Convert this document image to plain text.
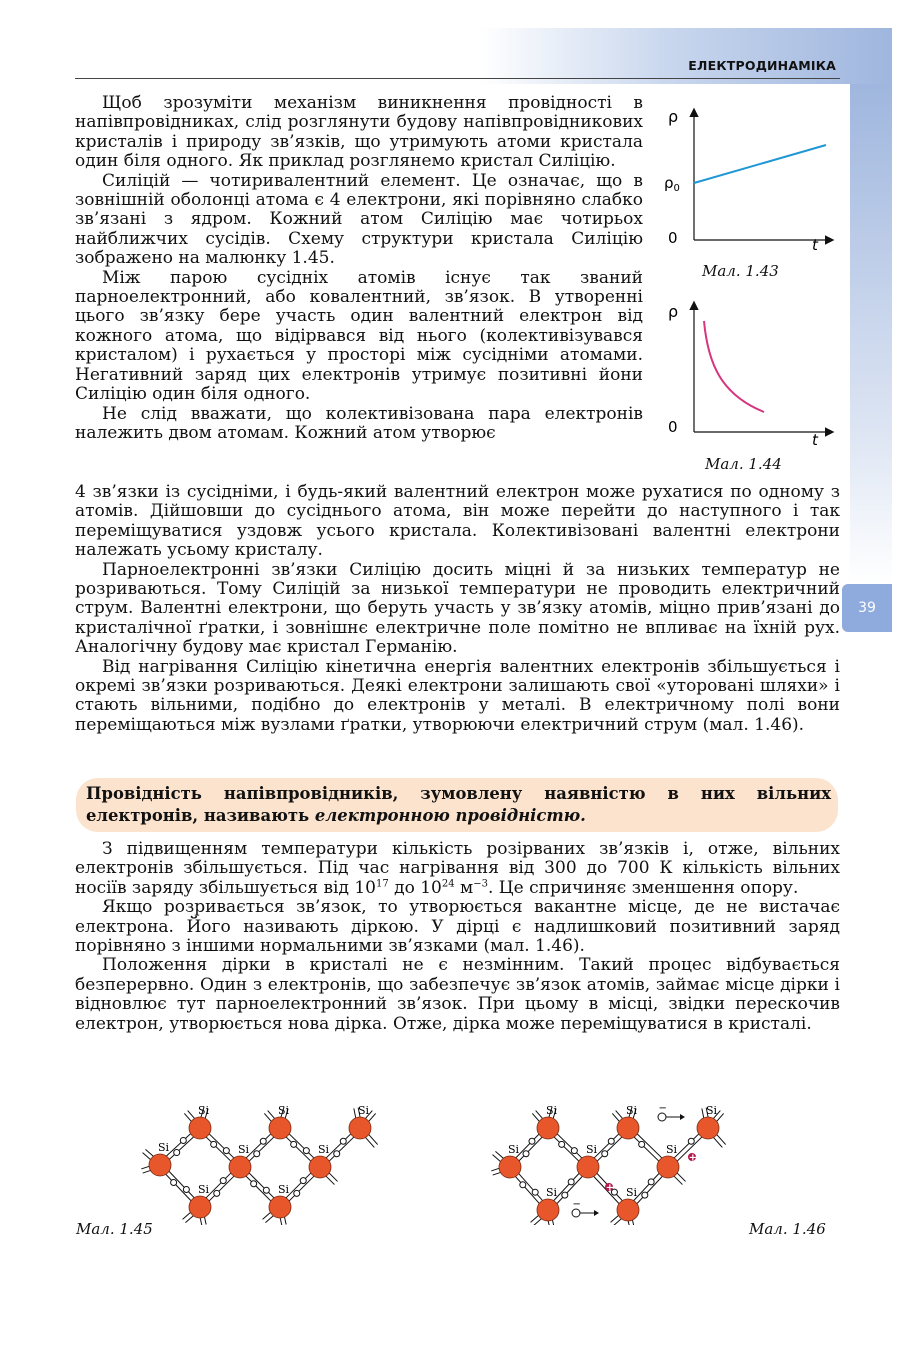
ЕЛЕКТРОДИНАМІКА
39

Щоб зрозуміти механізм виникнення провідності в напівпровідниках, слід розглянути будову напівпровідникових кристалів і природу зв’язків, що утримують атоми кристала один біля одного. Як приклад розглянемо кристал Силіцію.

Силіцій — чотиривалентний елемент. Це означає, що в зовнішній оболонці атома є 4 електрони, які порівняно слабко зв’язані з ядром. Кожний атом Силіцію має чотирьох найближчих сусідів. Схему структури кристала Силіцію зображено на малюнку 1.45.

Між парою сусідніх атомів існує так званий парноелектронний, або ковалентний, зв’язок. В утворенні цього зв’язку бере участь один валентний електрон від кожного атома, що відірвався від нього (колективізувався кристалом) і рухається у просторі між сусідніми атомами. Негативний заряд цих електронів утримує позитивні йони Силіцію один біля одного.

Не слід вважати, що колективізована пара електронів належить двом атомам. Кожний атом утворює

4 зв’язки із сусідніми, і будь-який валентний електрон може рухатися по одному з атомів. Дійшовши до сусіднього атома, він може перейти до наступного і так переміщуватися уздовж усього кристала. Колективізовані валентні електрони належать усьому кристалу.

Парноелектронні зв’язки Силіцію досить міцні й за низьких температур не розриваються. Тому Силіцій за низької температури не проводить електричний струм. Валентні електрони, що беруть участь у зв’язку атомів, міцно прив’язані до кристалічної ґратки, і зовнішнє електричне поле помітно не впливає на їхній рух. Аналогічну будову має кристал Германію.

Від нагрівання Силіцію кінетична енергія валентних електронів збільшується і окремі зв’язки розриваються. Деякі електрони залишають свої «уторовані шляхи» і стають вільними, подібно до електронів у металі. В електричному полі вони переміщаються між вузлами ґратки, утворюючи електричний струм (мал. 1.46).

Провідність напівпровідників, зумовлену наявністю в них вільних електронів, називають електронною провідністю.

З підвищенням температури кількість розірваних зв’язків і, отже, вільних електронів збільшується. Під час нагрівання від 300 до 700 К кількість вільних носіїв заряду збільшується від $10^{17}$ до $10^{24}$ $м^{-3}$. Це спричиняє зменшення опору.

Якщо розривається зв’язок, то утворюється вакантне місце, де не вистачає електрона. Його називають діркою. У дірці є надлишковий позитивний заряд порівняно з іншими нормальними зв’язками (мал. 1.46).

Положення дірки в кристалі не є незмінним. Такий процес відбувається безперервно. Один з електронів, що забезпечує зв’язок атомів, займає місце дірки і відновлює тут парноелектронний зв’язок. При цьому в місці, звідки перескочив електрон, утворюється нова дірка. Отже, дірка може переміщуватися в кристалі.

ρ
t
0
$\rho_0$
Мал. 1.43
ρ
t
0
Мал. 1.44
Si
Si
Si
Si
Si
Si
Si	Si
Мал. 1.45
Si
Si
Si
Si
Si
Si
Si	Si
+
+
−
−
Мал. 1.46
